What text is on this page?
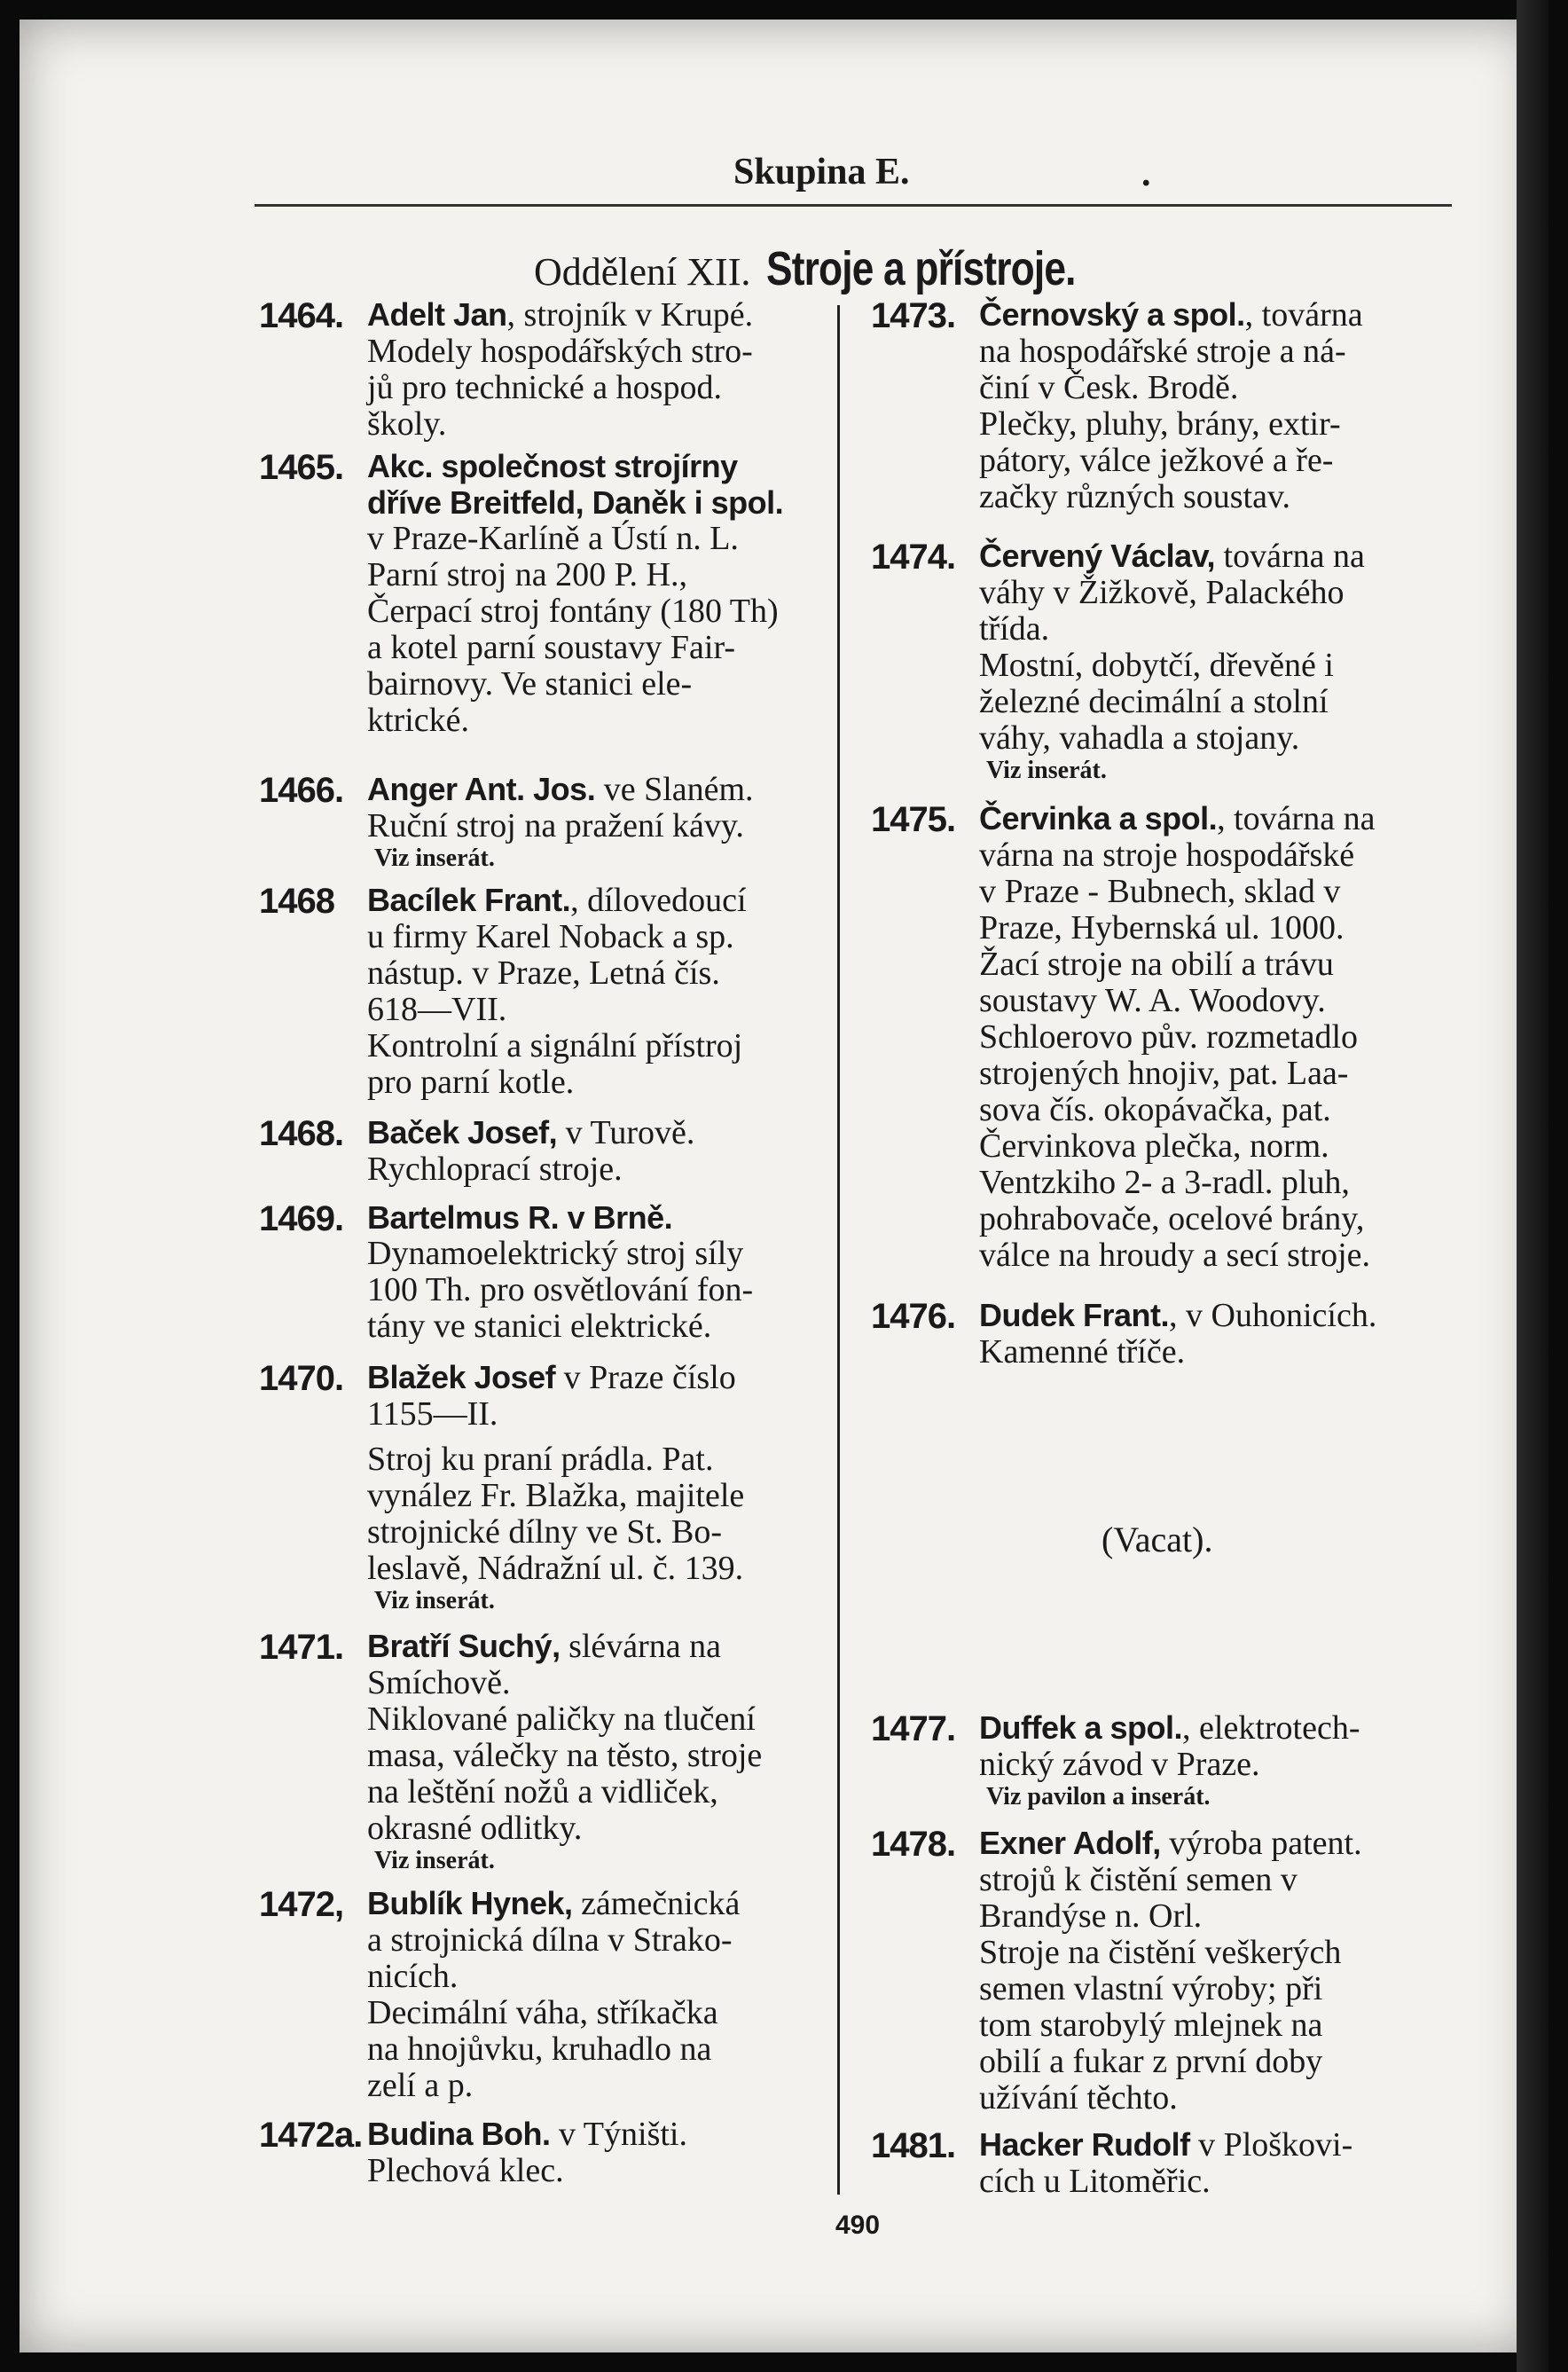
Skupina E.	.
Oddělení XII. Stroje a přístroje.
1464. Adelt Jan, strojník v Krupé.
Modely hospodářských stro-
jů pro technické a hospod.
školy.
1465. Akc. společnost strojírny
dříve Breitfeld, Daněk i spol.
v Praze-Karlíně a Ústí n. L.
Parní stroj na 200 P. H.,
Čerpací stroj fontány (180 Th)
a kotel parní soustavy Fair-
bairnovy. Ve stanici ele-
ktrické.
1466. Anger Ant. Jos. ve Slaném.
Ruční stroj na pražení kávy.
Viz inserát.
1468	Bacílek Frant., dílovedoucí
u firmy Karel Noback a sp.
nástup. v Praze, Letná čís.
618—VII.
Kontrolní a signální přístroj
pro parní kotle.
1468. Baček Josef, v Turově.
Rychloprací stroje.
1469. Bartelmus R. v Brně.
Dynamoelektrický stroj síly
100 Th. pro osvětlování fon-
tány ve stanici elektrické.
1470. Blažek Josef v Praze číslo
1155—II.
Stroj ku praní prádla. Pat.
vynález Fr. Blažka, majitele
strojnické dílny ve St. Bo-
leslavě, Nádražní ul. č. 139.
Viz inserát.
1471. Bratří Suchý, slévárna na
Smíchově.
Niklované paličky na tlučení
masa, válečky na těsto, stroje
na leštění nožů a vidliček,
okrasné odlitky.
Viz inserát.
1472, Bublík Hynek, zámečnická
a strojnická dílna v Strako-
nicích.
Decimální váha, stříkačka
na hnojůvku, kruhadlo na
zelí a p.
1472a. Budina Boh. v Týništi.
Plechová klec.
1473. Černovský a spol., továrna
na hospodářské stroje a ná-
činí v Česk. Brodě.
Plečky, pluhy, brány, extir-
pátory, válce ježkové a ře-
začky různých soustav.
1474. Červený Václav, továrna na
váhy v Žižkově, Palackého
třída.
Mostní, dobytčí, dřevěné i
železné decimální a stolní
váhy, vahadla a stojany.
Viz inserát.
1475. Červinka a spol., továrna na
várna na stroje hospodářské
v Praze - Bubnech, sklad v
Praze, Hybernská ul. 1000.
Žací stroje na obilí a trávu
soustavy W. A. Woodovy.
Schloerovo pův. rozmetadlo
strojených hnojiv, pat. Laa-
sova čís. okopávačka, pat.
Červinkova plečka, norm.
Ventzkiho 2- a 3-radl. pluh,
pohrabovače, ocelové brány,
válce na hroudy a secí stroje.
1476. Dudek Frant., v Ouhonicích.
Kamenné tříče.
1477. Duffek a spol., elektrotech-
nický závod v Praze.
Viz pavilon a inserát.
1478. Exner Adolf, výroba patent.
strojů k čistění semen v
Brandýse n. Orl.
Stroje na čistění veškerých
semen vlastní výroby; při
tom starobylý mlejnek na
obilí a fukar z první doby
užívání těchto.
1481. Hacker Rudolf v Ploškovi-
cích u Litoměřic.
(Vacat).
490
